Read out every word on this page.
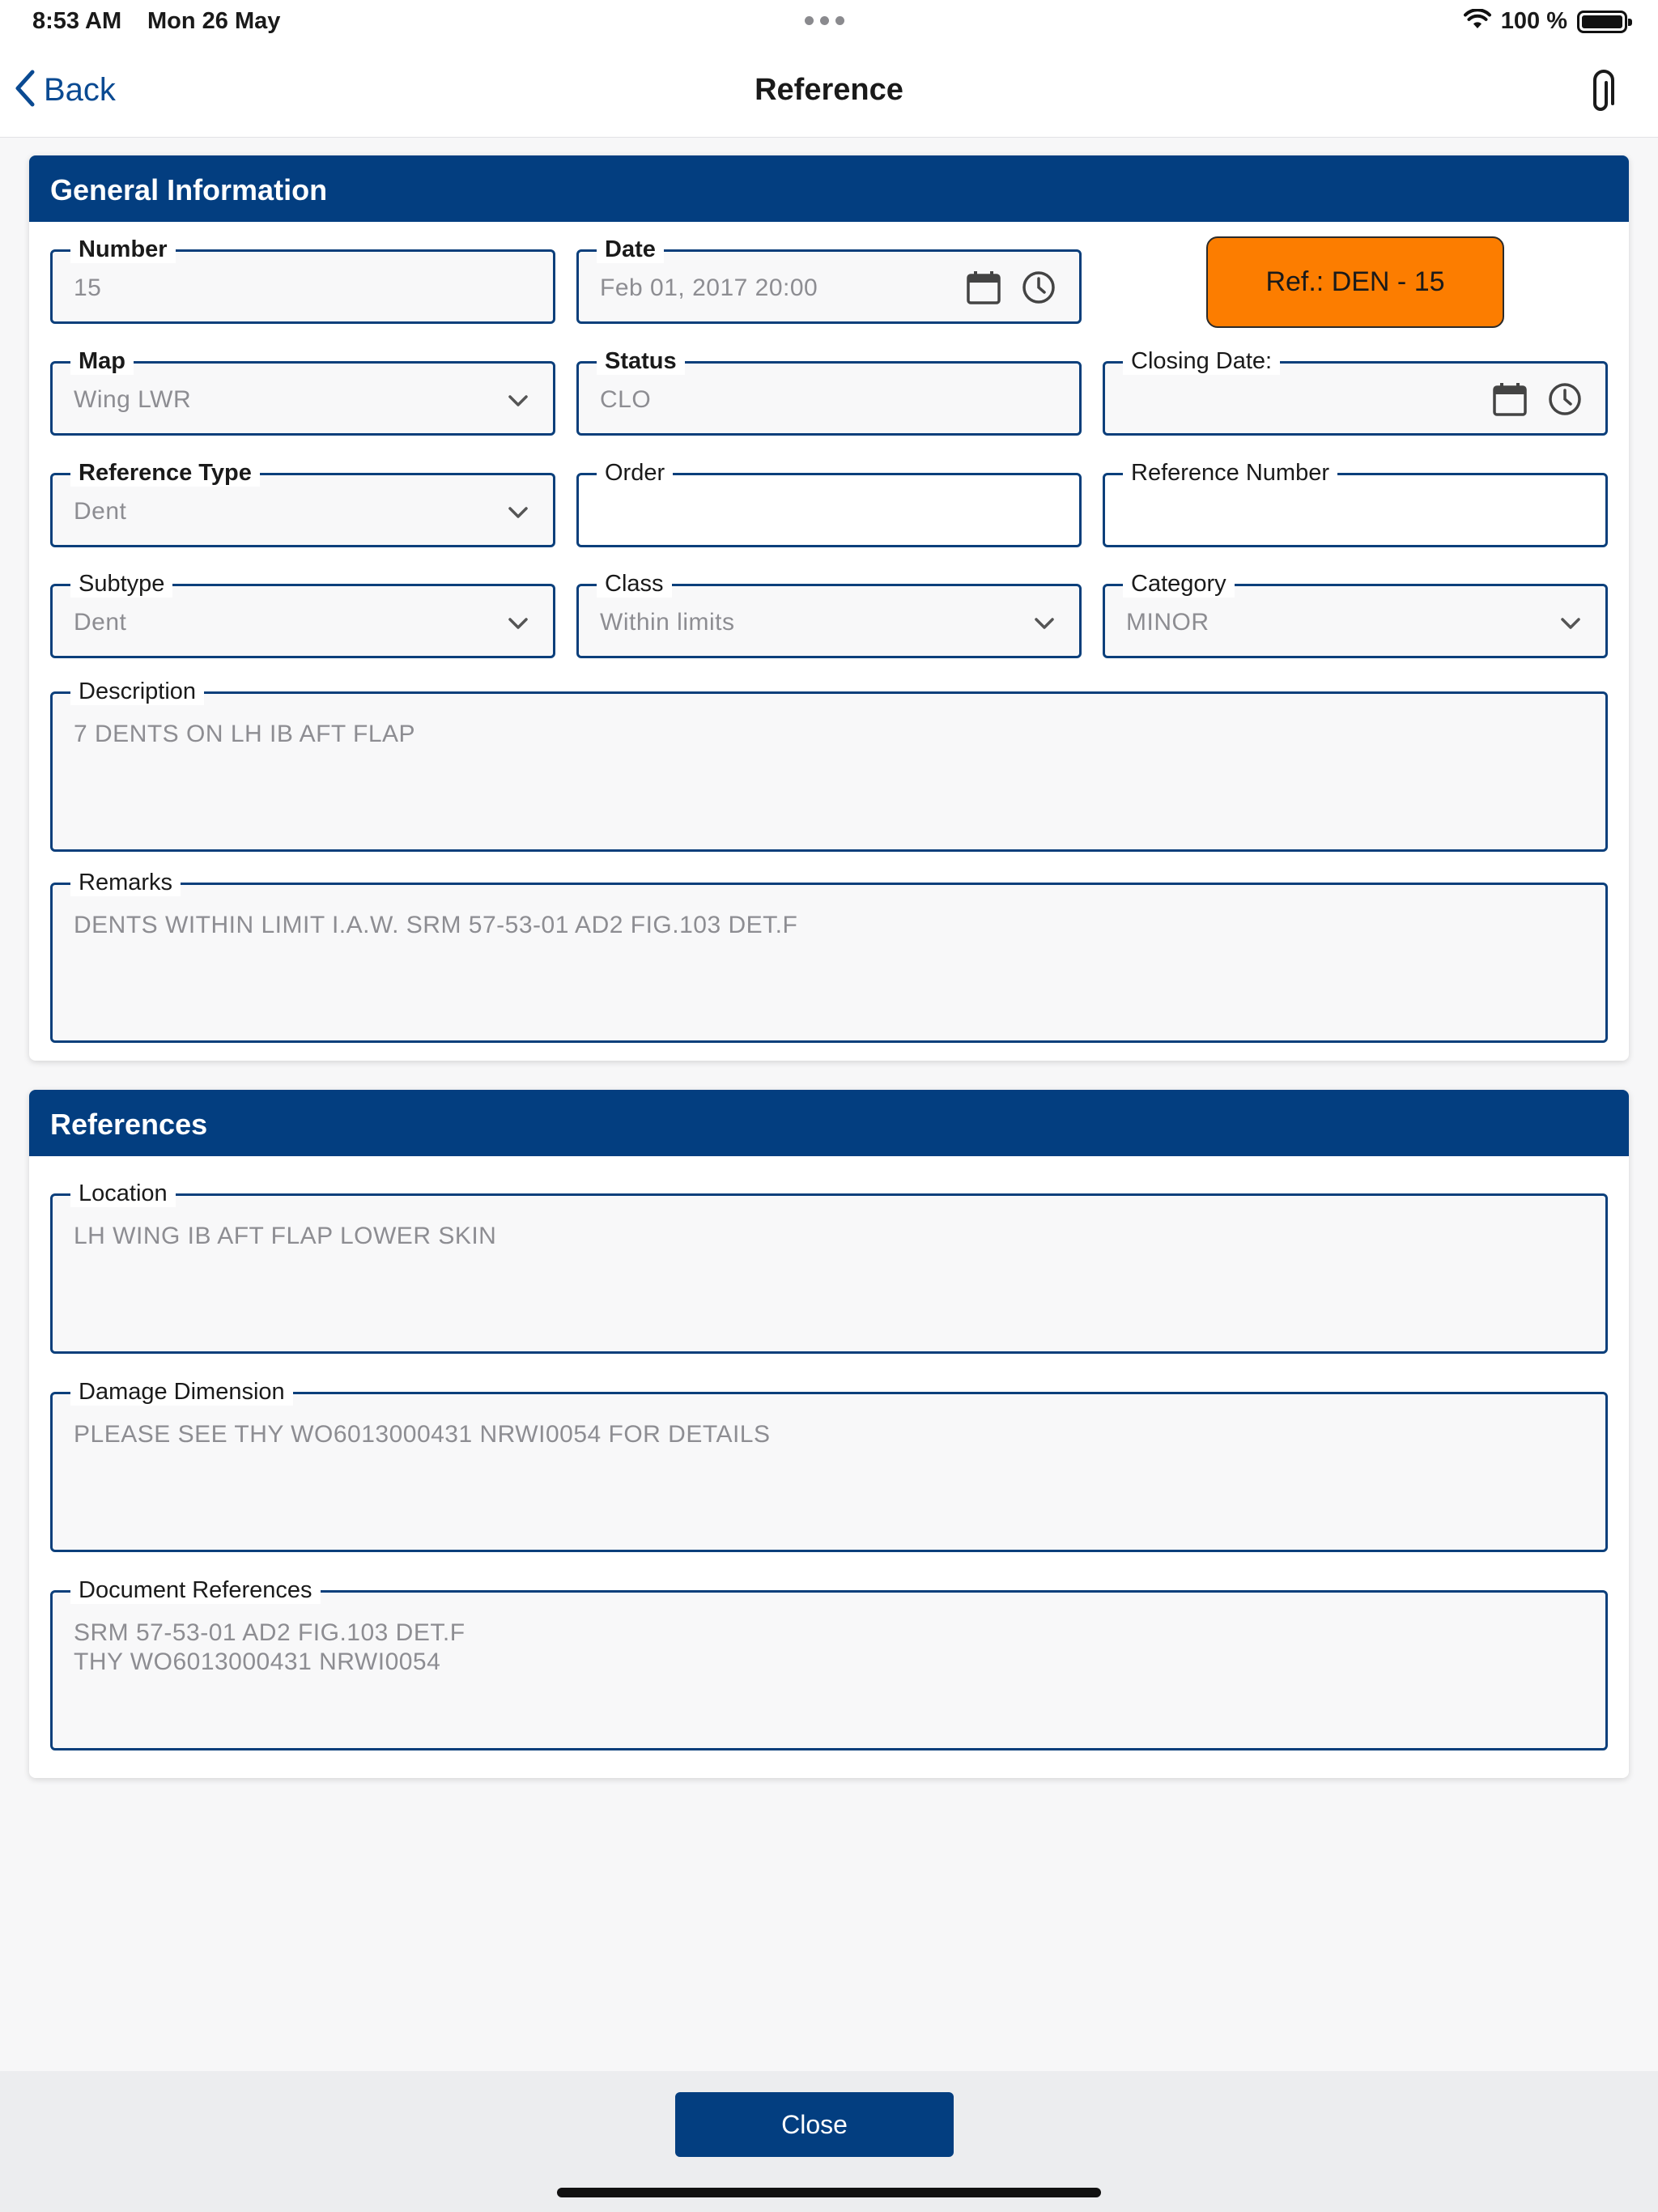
8:53 AM Mon 26 May	100 %
Reference
Back
General Information
Number
15
Date
Feb 01, 2017 20:00	Ref.: DEN - 15
Map
Wing LWR
Status
CLO
Closing Date:
Reference Type
Dent
Order	Reference Number
Subtype
Dent
Class
Within limits
Category
MINOR
Description
7 DENTS ON LH IB AFT FLAP
Remarks
DENTS WITHIN LIMIT I.A.W. SRM 57-53-01 AD2 FIG.103 DET.F
References
Location
LH WING IB AFT FLAP LOWER SKIN
Damage Dimension
PLEASE SEE THY WO6013000431 NRWI0054 FOR DETAILS
Document References
SRM 57-53-01 AD2 FIG.103 DET.F
THY WO6013000431 NRWI0054
Close
